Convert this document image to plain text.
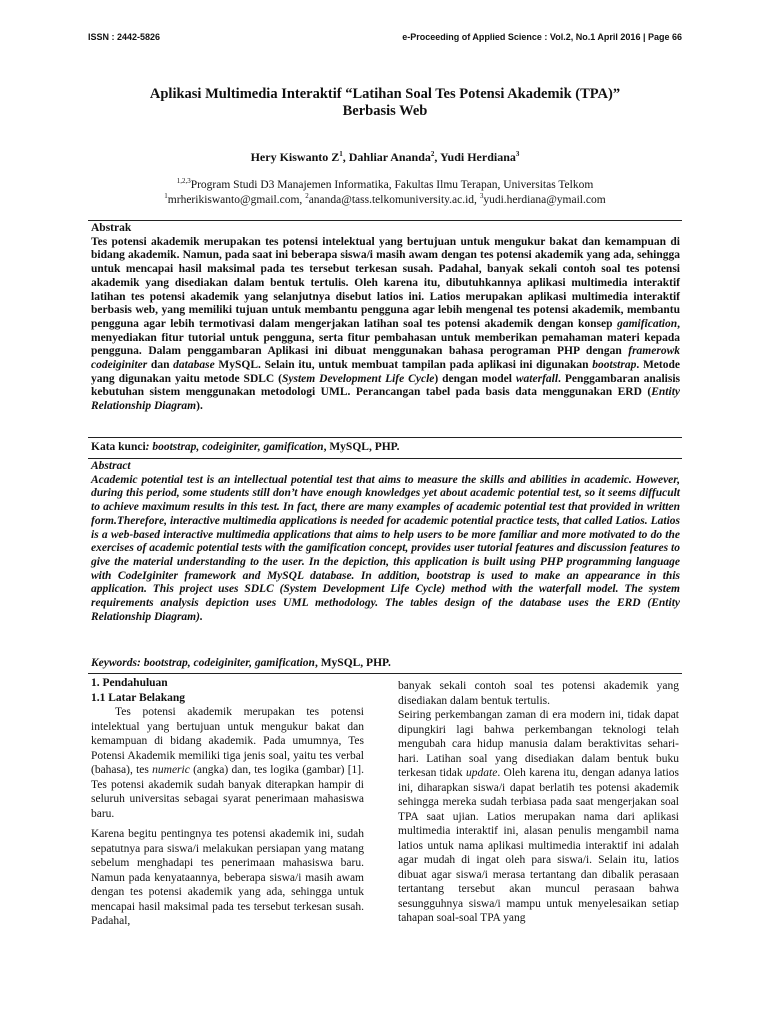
ISSN : 2442-5826	e-Proceeding of Applied Science : Vol.2, No.1 April 2016 | Page 66
Aplikasi Multimedia Interaktif “Latihan Soal Tes Potensi Akademik (TPA)”
Berbasis Web
Hery Kiswanto $Z^1$, Dahliar Ananda$^2$, Yudi Herdiana$^3$
$^{1,2,3}$Program Studi D3 Manajemen Informatika, Fakultas Ilmu Terapan, Universitas Telkom
$^1$mrherikiswanto@gmail.com, $^2$ananda@tass.telkomuniversity.ac.id, $^3$yudi.herdiana@ymail.com
Abstrak
Tes potensi akademik merupakan tes potensi intelektual yang bertujuan untuk mengukur bakat dan kemampuan di bidang akademik. Namun, pada saat ini beberapa siswa/i masih awam dengan tes potensi akademik yang ada, sehingga untuk mencapai hasil maksimal pada tes tersebut terkesan susah. Padahal, banyak sekali contoh soal tes potensi akademik yang disediakan dalam bentuk tertulis. Oleh karena itu, dibutuhkannya aplikasi multimedia interaktif latihan tes potensi akademik yang selanjutnya disebut latios ini. Latios merupakan aplikasi multimedia interaktif berbasis web, yang memiliki tujuan untuk membantu pengguna agar lebih mengenal tes potensi akademik, membantu pengguna agar lebih termotivasi dalam mengerjakan latihan soal tes potensi akademik dengan konsep gamification, menyediakan fitur tutorial untuk pengguna, serta fitur pembahasan untuk memberikan pemahaman materi kepada pengguna. Dalam penggambaran Aplikasi ini dibuat menggunakan bahasa perograman PHP dengan framerowk codeiginiter dan database MySQL. Selain itu, untuk membuat tampilan pada aplikasi ini digunakan bootstrap. Metode yang digunakan yaitu metode SDLC (System Development Life Cycle) dengan model waterfall. Penggambaran analisis kebutuhan sistem menggunakan metodologi UML. Perancangan tabel pada basis data menggunakan ERD (Entity Relationship Diagram).
Kata kunci: bootstrap, codeiginiter, gamification, MySQL, PHP.
Abstract
Academic potential test is an intellectual potential test that aims to measure the skills and abilities in academic. However, during this period, some students still don’t have enough knowledges yet about academic potential test, so it seems diffucult to achieve maximum results in this test. In fact, there are many examples of academic potential test that provided in written form.Therefore, interactive multimedia applications is needed for academic potential practice tests, that called Latios. Latios is a web-based interactive multimedia applications that aims to help users to be more familiar and more motivated to do the exercises of academic potential tests with the gamification concept, provides user tutorial features and discussion features to give the material understanding to the user. In the depiction, this application is built using PHP programming language with CodeIginiter framework and MySQL database. In addition, bootstrap is used to make an appearance in this application. This project uses SDLC (System Development Life Cycle) method with the waterfall model. The system requirements analysis depiction uses UML methodology. The tables design of the database uses the ERD (Entity Relationship Diagram).
Keywords: bootstrap, codeiginiter, gamification, MySQL, PHP.

1. Pendahuluan

1.1 Latar Belakang

Tes potensi akademik merupakan tes potensi intelektual yang bertujuan untuk mengukur bakat dan kemampuan di bidang akademik. Pada umumnya, Tes Potensi Akademik memiliki tiga jenis soal, yaitu tes verbal (bahasa), tes numeric (angka) dan, tes logika (gambar) [1]. Tes potensi akademik sudah banyak diterapkan hampir di seluruh universitas sebagai syarat penerimaan mahasiswa baru.

Karena begitu pentingnya tes potensi akademik ini, sudah sepatutnya para siswa/i melakukan persiapan yang matang sebelum menghadapi tes penerimaan mahasiswa baru. Namun pada kenyataannya, beberapa siswa/i masih awam dengan tes potensi akademik yang ada, sehingga untuk mencapai hasil maksimal pada tes tersebut terkesan susah. Padahal,

banyak sekali contoh soal tes potensi akademik yang disediakan dalam bentuk tertulis.

Seiring perkembangan zaman di era modern ini, tidak dapat dipungkiri lagi bahwa perkembangan teknologi telah mengubah cara hidup manusia dalam beraktivitas sehari-hari. Latihan soal yang disediakan dalam bentuk buku terkesan tidak update. Oleh karena itu, dengan adanya latios ini, diharapkan siswa/i dapat berlatih tes potensi akademik sehingga mereka sudah terbiasa pada saat mengerjakan soal TPA saat ujian. Latios merupakan nama dari aplikasi multimedia interaktif ini, alasan penulis mengambil nama latios untuk nama aplikasi multimedia interaktif ini adalah agar mudah di ingat oleh para siswa/i. Selain itu, latios dibuat agar siswa/i merasa tertantang dan dibalik perasaan tertantang tersebut akan muncul perasaan bahwa sesungguhnya siswa/i mampu untuk menyelesaikan setiap tahapan soal-soal TPA yang
